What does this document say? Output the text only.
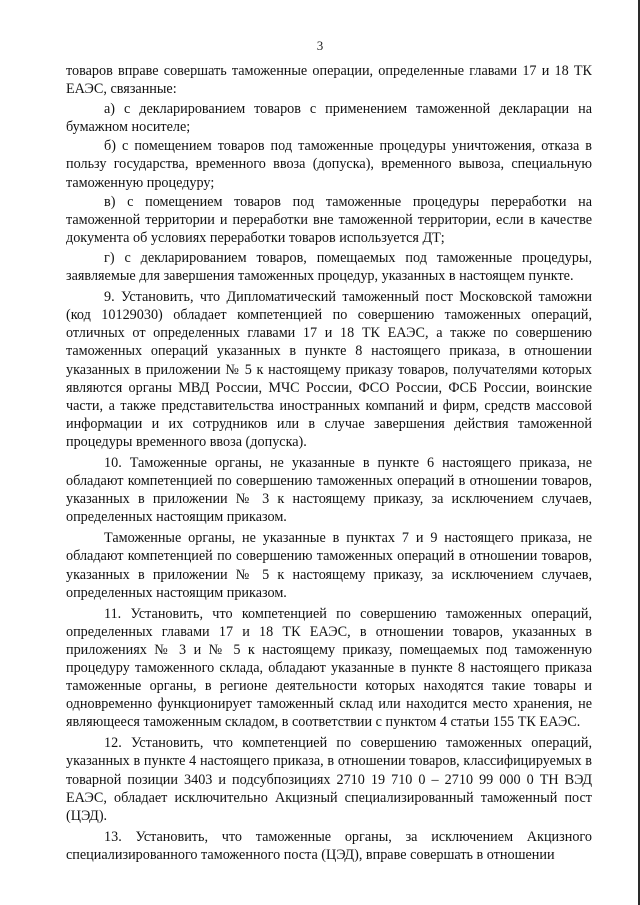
3

товаров вправе совершать таможенные операции, определенные главами 17 и 18 ТК ЕАЭС, связанные:

а) с декларированием товаров с применением таможенной декларации на бумажном носителе;

б) с помещением товаров под таможенные процедуры уничтожения, отказа в пользу государства, временного ввоза (допуска), временного вывоза, специальную таможенную процедуру;

в) с помещением товаров под таможенные процедуры переработки на таможенной территории и переработки вне таможенной территории, если в качестве документа об условиях переработки товаров используется ДТ;

г) с декларированием товаров, помещаемых под таможенные процедуры, заявляемые для завершения таможенных процедур, указанных в настоящем пункте.

9. Установить, что Дипломатический таможенный пост Московской таможни (код 10129030) обладает компетенцией по совершению таможенных операций, отличных от определенных главами 17 и 18 ТК ЕАЭС, а также по совершению таможенных операций указанных в пункте 8 настоящего приказа, в отношении указанных в приложении № 5 к настоящему приказу товаров, получателями которых являются органы МВД России, МЧС России, ФСО России, ФСБ России, воинские части, а также представительства иностранных компаний и фирм, средств массовой информации и их сотрудников или в случае завершения действия таможенной процедуры временного ввоза (допуска).

10. Таможенные органы, не указанные в пункте 6 настоящего приказа, не обладают компетенцией по совершению таможенных операций в отношении товаров, указанных в приложении № 3 к настоящему приказу, за исключением случаев, определенных настоящим приказом.

Таможенные органы, не указанные в пунктах 7 и 9 настоящего приказа, не обладают компетенцией по совершению таможенных операций в отношении товаров, указанных в приложении № 5 к настоящему приказу, за исключением случаев, определенных настоящим приказом.

11. Установить, что компетенцией по совершению таможенных операций, определенных главами 17 и 18 ТК ЕАЭС, в отношении товаров, указанных в приложениях № 3 и № 5 к настоящему приказу, помещаемых под таможенную процедуру таможенного склада, обладают указанные в пункте 8 настоящего приказа таможенные органы, в регионе деятельности которых находятся такие товары и одновременно функционирует таможенный склад или находится место хранения, не являющееся таможенным складом, в соответствии с пунктом 4 статьи 155 ТК ЕАЭС.

12. Установить, что компетенцией по совершению таможенных операций, указанных в пункте 4 настоящего приказа, в отношении товаров, классифицируемых в товарной позиции 3403 и подсубпозициях 2710 19 710 0 – 2710 99 000 0 ТН ВЭД ЕАЭС, обладает исключительно Акцизный специализированный таможенный пост (ЦЭД).

13. Установить, что таможенные органы, за исключением Акцизного специализированного таможенного поста (ЦЭД), вправе совершать в отношении
